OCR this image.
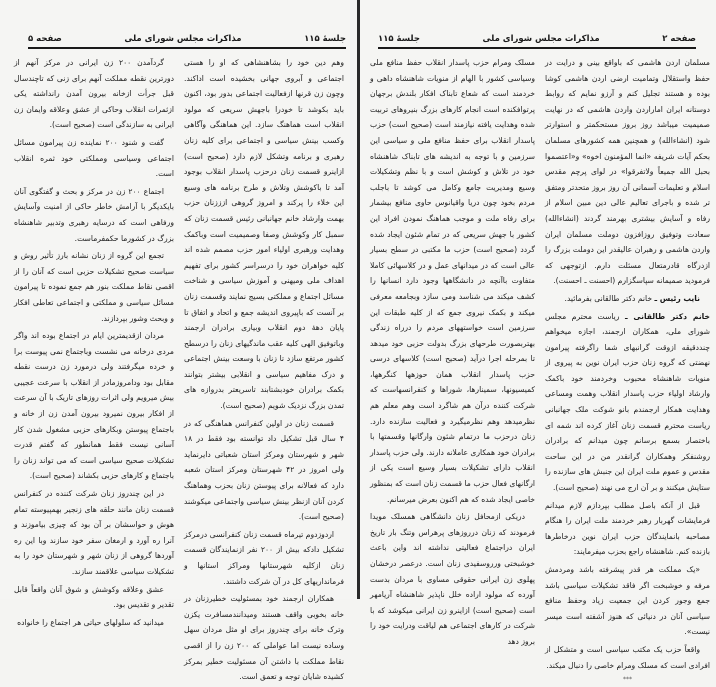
جلسهٔ ۱۱۵
مذاکرات مجلس شورای ملی
صفحه ۵

وهم دین خود را بشاهنشاهی که او را هستی اجتماعی و آبروی جهانی بخشیده است اداکند. وچون زن قرنها ازفعالیت اجتماعی بدور بود، اکنون باید بکوشد تا خودرا باجهش سریعی که مولود انقلاب است هماهنگ سازد. این هماهنگی وآگاهی وکسب بینش سیاسی و اجتماعی برای کلیه زنان رهبری و برنامه وتشکل لازم دارد (صحیح است) ازاینرو قسمت زنان درحزب پاسدار انقلاب بوجود آمد تا باکوشش وتلاش و طرح برنامه های وسیع این خلاء را پرکند و امروز گروهی ازززنان حزب بهمت وارشاد خانم جهانبانی رئیس قسمت زنان که سمبل کار وکوشش وصفا وصمیمیت است وباکمک وهدایت ورهبری اولیاء امور حزب مصمم شده اند کلیه خواهران خود را درسراسر کشور برای تفهیم اهداف ملی ومیهنی و آموزش سیاسی و شناخت مسائل اجتماع و مملکتی بسیج نمایند وقسمت زنان بر آنست که باپیروی اندیشه جمع و اتحاد و اتفاق تا پایان دههٔ دوم انقلاب وبیاری برادران ارجمند وباتوفیق الهی کلیه عقب ماندگیهای زنان را درسطح کشور مرتفع سازد تا زنان با وسعت بینش اجتماعی و درک مفاهیم سیاسی و انقلابی بیشتر بتوانند بکمک برادران خودبشتابند تاسریعتر بدروازه های تمدن بزرگ نزدیک شویم (صحیح است).

قسمت زنان در اولین کنفرانس هماهنگی که در ۴ سال قبل تشکیل داد توانسته بود فقط در ۱۸ شهر و شهرستان ومرکز استان شعباتی دایرنماید ولی امروز در ۴۲ شهرستان ومرکز استان شعبه دارد که فعالانه برای پیوستن زنان بحزب وهماهنگ کردن آنان ازنظر بینش سیاسی واجتماعی میکوشند (صحیح است).

اردوزدوم تیرماه قسمت زنان کنفرانسی درمرکز تشکیل دادکه بیش از ۲۰۰ نفر ازنمایندگان قسمت زنان ازکلیه شهرستانها ومراکز استانها و فرمانداریهای کل در آن شرکت داشتند.

همکاران ارجمند خود بمسئولیت خطیرزنان در خانه بخوبی واقف هستند ومیدانندمسافرت یکزن وترک خانه برای چندروز برای او مثل مردان سهل وساده نیست اما عواملی که ۲۰۰ زن را از اقصی نقاط مملکت با داشتن آن مسئولیت خطیر بمرکز کشیده شایان توجه و تعمق است.

گردآمدن ۲۰۰ زن ایرانی در مرکز آنهم از دورترین نقطه مملکت آنهم برای زنی که تاچندسال قبل جرأت ازخانه بیرون آمدن رانداشته یکی ازثمرات انقلاب وحاکی از عشق وعلاقه وایمان زن ایرانی به سازندگی است (صحیح است).

گفت و شنود ۲۰۰ نماینده زن پیرامون مسائل اجتماعی وسیاسی ومملکتی خود ثمره انقلاب است.

اجتماع ۲۰۰ زن در مرکز و بحث و گفتگوی آنان بایکدیگر با آرامش خاطر حاکی از امنیت وآسایش ورفاهی است که درسایه رهبری وتدبیر شاهنشاه بزرگ در کشورما حکمفرماست.

تجمع این گروه از زنان نشانه بارز تأثیر روش و سیاست صحیح تشکیلات حزبی است که آنان را از اقصی نقاط مملکت بنور هم جمع نموده تا پیرامون مسائل سیاسی و مملکتی و اجتماعی تعاطی افکار و وبحث وشور بپردازند.

مردان ازقدیمترین ایام در اجتماع بوده اند واگر مردی درخانه می نشست وباجتماع نمی پیوست برا و خرده میگرفتند ولی درمورد زن درست نقطه مقابل بود ودامروزمادر از انقلاب با سرعت عجیبی بیش میرویم ولی اثرات روزهای تاریک با آن سرعت از افکار بیرون نمیرود بیرون آمدن زن از خانه و باجتماع پیوستن وبکارهای حزبی مشغول شدن کار آسانی نیست فقط همانطور که گفتم قدرت تشکیلات صحیح سیاسی است که می تواند زنان را باجتماع و کارهای حزبی بکشاند (صحیح است).

در این چندروز زنان شرکت کننده در کنفرانس قسمت زنان مانند حلقه های زنجیر بهمپیوسته تمام هوش و حواسشان بر آن بود که چیزی بیاموزند و آنرا ره آورد و ارمغان سفر خود سازند وبا این ره آوردها گروهی از زنان شهر و شهرستان خود را به تشکیلات سیاسی علاقمند سازند.

عشق وعلاقه وکوشش و شوق آنان واقعاً قابل تقدیر و تقدیس بود.

میدانید که سلولهای حیاتی هر اجتماع را خانواده

صفحه ۲
مذاکرات مجلس شورای ملی
جلسهٔ ۱۱۵

مسلمان اردن هاشمی که باواقع بینی و درایت در حفظ واستقلال وتمامیت ارضی اردن هاشمی کوشا بوده و هستند تجلیل کنم و آرزو نمایم که روابط دوستانه ایران اماراردن واردن هاشمی که در نهایت صمیمیت میباشد روز بروز مستحکمتر و استوارتر شود (انشاءالله) و همچنین همه کشورهای مسلمان بحکم آیات شریفه «انما المؤمنون اخوه» و«اعتصموا بحبل الله جمیعاً ولاتفرقوا» در لوای پرچم مقدس اسلام و تعلیمات آسمانی آن روز بروز متحدتر ومتفق تر شده و باجرای تعالیم عالی دین مبین اسلام از رفاه و آسایش بیشتری بهرمند گردند (انشاءالله) سعادت وتوفیق روزافزون دوملت مسلمان ایران واردن هاشمی و رهبران عالیقدر این دوملت بزرگ را ازدرگاه قادرمتعال مسئلت دارم. ازتوجهی که فرمودید صمیمانه سپاسگزارم (احسنت ـ احسنت).

نایب رئیس ـ خانم دکتر طالقانی بفرمائید.

خانم دکتر طالقانی ـ ریاست محترم مجلس شورای ملی، همکاران ارجمند، اجازه میخواهم چنددقیقه ازوقت گرانبهای شما راگرفته پیرامون نهضتی که گروه زنان حزب ایران نوین به پیروی از منویات شاهنشاه محبوب وخردمند خود باکمک وارشاد اولیاء حزب پاسدار انقلاب وهمت ومساعی وهدایت همکار ارجمندم بانو شوکت ملک جهانبانی ریاست محترم قسمت زنان آغاز کرده اند شمه ای باختصار بسمع برسانم چون میدانم که برادران روشنفکر وهمکاران گرانقدر من در این ساحت مقدس و عموم ملت ایران این جنبش های سازنده را ستایش میکنند و بر آن ارج می نهند (صحیح است).

قبل از آنکه باصل مطلب بپردازم لازم میدانم فرمایشات گهربار رهبر خردمند ملت ایران را هنگام مصاحبه بانمایندگان حزب ایران نوین درخاطرها بازنده کنم. شاهنشاه راجع بحزب میفرمایند:

«یک مملکت هر قدر پیشرفته باشد ومردمش مرفه و خوشبخت اگر فاقد تشکیلات سیاسی باشد جمع وجور کردن این جمعیت زیاد وحفظ منافع سیاسی آنان در دنیائی که هنوز آشفته است میسر نیست».

واقعاً حزب یک مکتب سیاسی است و متشکل از افرادی است که مسلک ومرام خاصی را دنبال میکند.

***

مسلک ومرام حزب پاسدار انقلاب حفظ منافع ملی وسیاسی کشور با الهام از منویات شاهنشاه داهی و خردمند است که شعاع تابناک افکار بلندش برجهان پرتوافکنده است انجام کارهای بزرگ بنیروهای تربیت شده وهدایت یافته نیازمند است (صحیح است) حزب پاسدار انقلاب برای حفظ منافع ملی و سیاسی این سرزمین و با توجه به اندیشه های تابناک شاهنشاه خود در تلاش و کوشش است و با نظم وتشکیلات وسیع ومدیریت جامع وکامل می کوشد تا باجلب مردم بخود چون دریا واقیانوس حاوی منافع بیشمار برای رفاه ملت و موجب هماهنگ نمودن افراد این کشور با جهش سریعی که در تمام شئون ایجاد شده گردد (صحیح است) حزب ما مکتبی در سطح بسیار عالی است که در میدانهای عمل و در کلاسهائی کاملا متفاوت باآنچه در دانشگاهها وجود دارد انسانها را کشف میکند می شناسد ومی سازد وبجامعه معرفی میکند و بکمک نیروی جمع که از کلیه طبقات این سرزمین است خواستههای مردم را درراه زندگی بهتربصورت طرحهای بزرگ بدولت حزبی خود میدهد تا بمرحله اجرا درآید (صحیح است) کلاسهای درسی حزب پاسدار انقلاب همان حوزهها کنگرهها، کمیسیونها، سمینارها، شوراها و کنفرانسهاست که شرکت کننده درآن هم شاگرد است وهم معلم هم نظرمیدهد وهم نظرمیگیرد و فعالیت سازنده دارد. زنان درحزب ما درتمام شئون وارگانها وقسمتها با برادران خود همکاری عاملانه دارند. ولی حزب پاسدار انقلاب دارای تشکیلات بسیار وسیع است یکی از ارگانهای فعال حزب ما قسمت زنان است که بمنظور خاصی ایجاد شده که هم اکنون بعرض میرسانم.

دریکی ازمحافل زنان دانشگاهی همسلک مویدا فرمودند که زنان درروزهای پرهراس وتنگ بار تاریخ ایران دراجتماع فعالیتی نداشته اند واین باعث خوشبختی ورروسفیدی زنان است. درعصر درخشان پهلوی زن ایرانی حقوقی مساوی با مردان بدست آورده که مولود اراده خلل ناپذیر شاهنشاه آریامهر است (صحیح است) ازاینرو زن ایرانی میکوشد که با شرکت در کارهای اجتماعی هم لیاقت ودرایت خود را بروز دهد
